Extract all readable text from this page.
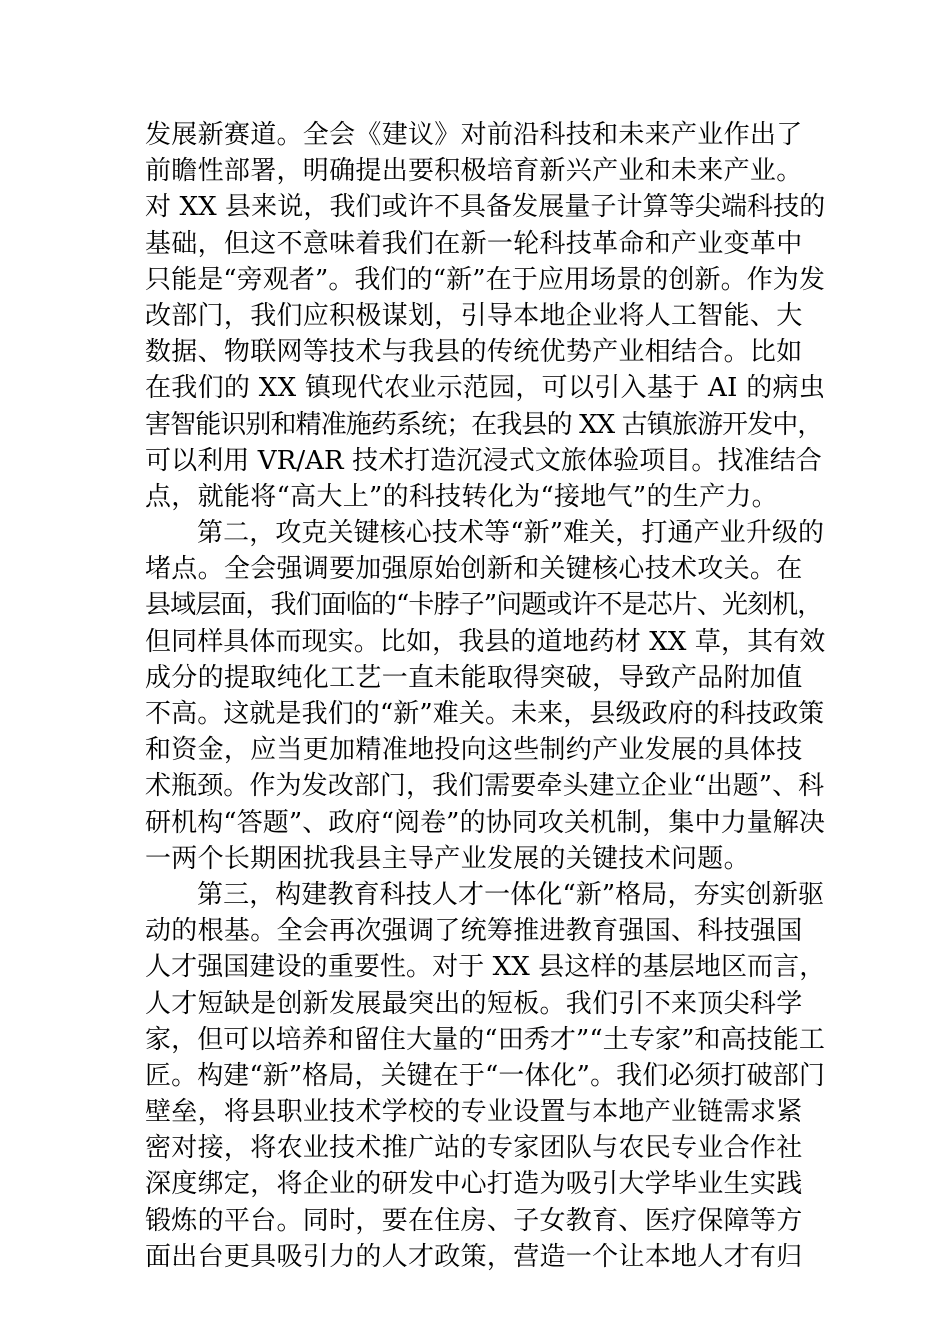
发展新赛道。全会《建议》对前沿科技和未来产业作出了
前瞻性部署，明确提出要积极培育新兴产业和未来产业。
对 XX 县来说，我们或许不具备发展量子计算等尖端科技的
基础，但这不意味着我们在新一轮科技革命和产业变革中
只能是“旁观者”。我们的“新”在于应用场景的创新。作为发
改部门，我们应积极谋划，引导本地企业将人工智能、大
数据、物联网等技术与我县的传统优势产业相结合。比如
在我们的 XX 镇现代农业示范园，可以引入基于 AI 的病虫
害智能识别和精准施药系统；在我县的 XX 古镇旅游开发中，
可以利用 VR/AR 技术打造沉浸式文旅体验项目。找准结合
点，就能将“高大上”的科技转化为“接地气”的生产力。
第二，攻克关键核心技术等“新”难关，打通产业升级的
堵点。全会强调要加强原始创新和关键核心技术攻关。在
县域层面，我们面临的“卡脖子”问题或许不是芯片、光刻机，
但同样具体而现实。比如，我县的道地药材 XX 草，其有效
成分的提取纯化工艺一直未能取得突破，导致产品附加值
不高。这就是我们的“新”难关。未来，县级政府的科技政策
和资金，应当更加精准地投向这些制约产业发展的具体技
术瓶颈。作为发改部门，我们需要牵头建立企业“出题”、科
研机构“答题”、政府“阅卷”的协同攻关机制，集中力量解决
一两个长期困扰我县主导产业发展的关键技术问题。
第三，构建教育科技人才一体化“新”格局，夯实创新驱
动的根基。全会再次强调了统筹推进教育强国、科技强国
人才强国建设的重要性。对于 XX 县这样的基层地区而言，
人才短缺是创新发展最突出的短板。我们引不来顶尖科学
家，但可以培养和留住大量的“田秀才”“土专家”和高技能工
匠。构建“新”格局，关键在于“一体化”。我们必须打破部门
壁垒，将县职业技术学校的专业设置与本地产业链需求紧
密对接，将农业技术推广站的专家团队与农民专业合作社
深度绑定，将企业的研发中心打造为吸引大学毕业生实践
锻炼的平台。同时，要在住房、子女教育、医疗保障等方
面出台更具吸引力的人才政策，营造一个让本地人才有归
